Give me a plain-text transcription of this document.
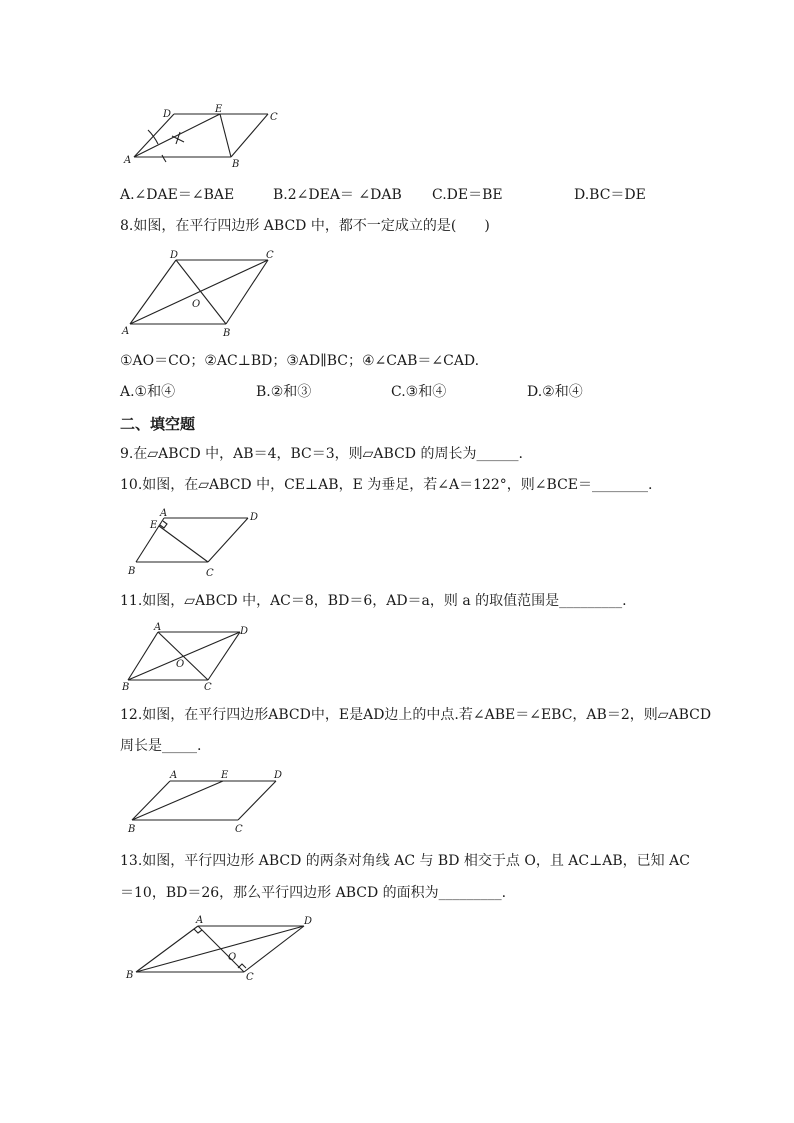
A	B
C
D	E
A.∠DAE＝∠BAE	B.2∠DEA＝ ∠DAB C.DE＝BE	D.BC＝DE
8.如图，在平行四边形 ABCD 中，都不一定成立的是(　　)
A	B
C
D
O
①AO＝CO；②AC⊥BD；③AD∥BC；④∠CAB＝∠CAD.
A.①和④	B.②和③	C.③和④	D.②和④
二、填空题
9.在▱ABCD 中，AB＝4，BC＝3，则▱ABCD 的周长为______.
10.如图，在▱ABCD 中，CE⊥AB，E 为垂足，若∠A＝122°，则∠BCE＝________.
A
B	C
D
E
11.如图，▱ABCD 中，AC＝8，BD＝6，AD＝a，则 a 的取值范围是_________.
A
B	C
D
O
12.如图，在平行四边形ABCD中，E是AD边上的中点.若∠ABE＝∠EBC，AB＝2，则▱ABCD
周长是_____.
A
B	C
D
E
13.如图，平行四边形 ABCD 的两条对角线 AC 与 BD 相交于点 O，且 AC⊥AB，已知 AC
＝10，BD＝26，那么平行四边形 ABCD 的面积为_________.
A
B	C
D
O
